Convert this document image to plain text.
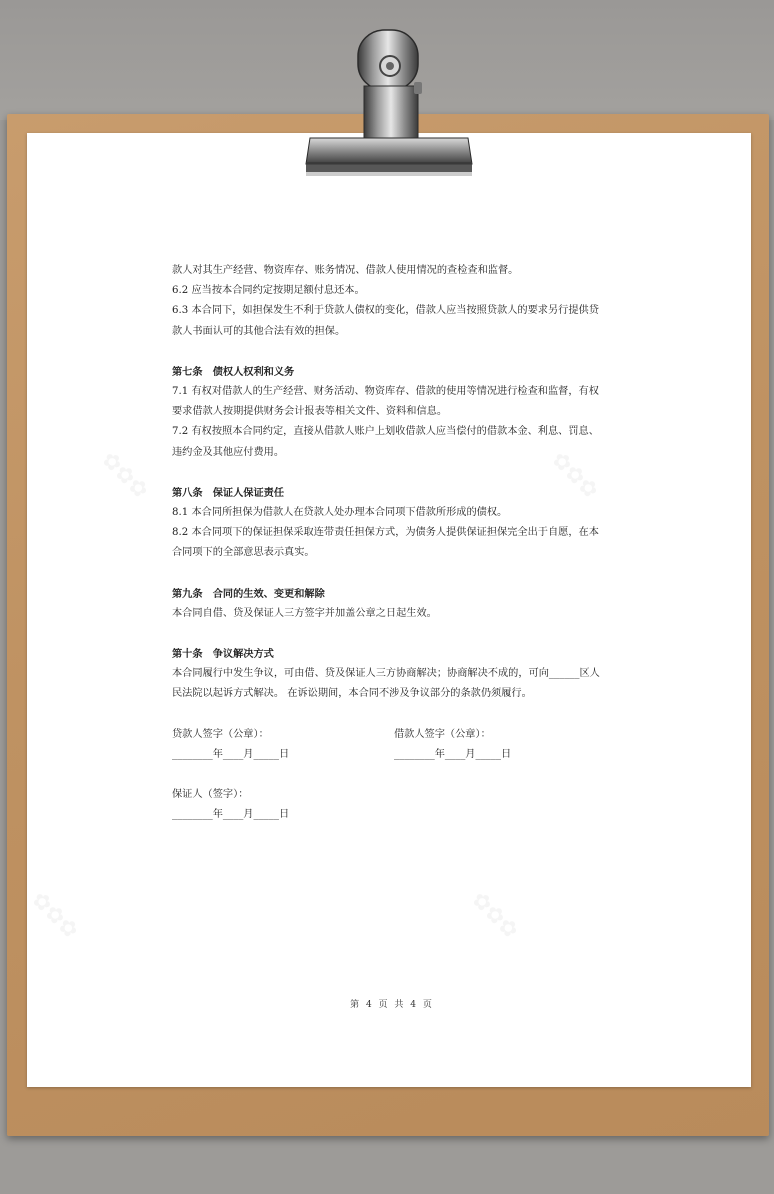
✿✿✿	✿✿✿
✿✿✿	✿✿✿

款人对其生产经营、物资库存、账务情况、借款人使用情况的查检查和监督。

6.2 应当按本合同约定按期足额付息还本。

6.3 本合同下，如担保发生不利于贷款人债权的变化，借款人应当按照贷款人的要求另行提供贷

款人书面认可的其他合法有效的担保。

第七条　债权人权利和义务

7.1 有权对借款人的生产经营、财务活动、物资库存、借款的使用等情况进行检查和监督，有权

要求借款人按期提供财务会计报表等相关文件、资料和信息。

7.2 有权按照本合同约定，直接从借款人账户上划收借款人应当偿付的借款本金、利息、罚息、

违约金及其他应付费用。

第八条　保证人保证责任

8.1 本合同所担保为借款人在贷款人处办理本合同项下借款所形成的债权。

8.2 本合同项下的保证担保采取连带责任担保方式，为债务人提供保证担保完全出于自愿，在本

合同项下的全部意思表示真实。

第九条　合同的生效、变更和解除

本合同自借、贷及保证人三方签字并加盖公章之日起生效。

第十条　争议解决方式

本合同履行中发生争议，可由借、贷及保证人三方协商解决；协商解决不成的，可向______区人

民法院以起诉方式解决。 在诉讼期间，本合同不涉及争议部分的条款仍须履行。

贷款人签字（公章）：	借款人签字（公章）：
________年____月_____日	________年____月_____日
保证人（签字）：
________年____月_____日
第 4 页 共 4 页
